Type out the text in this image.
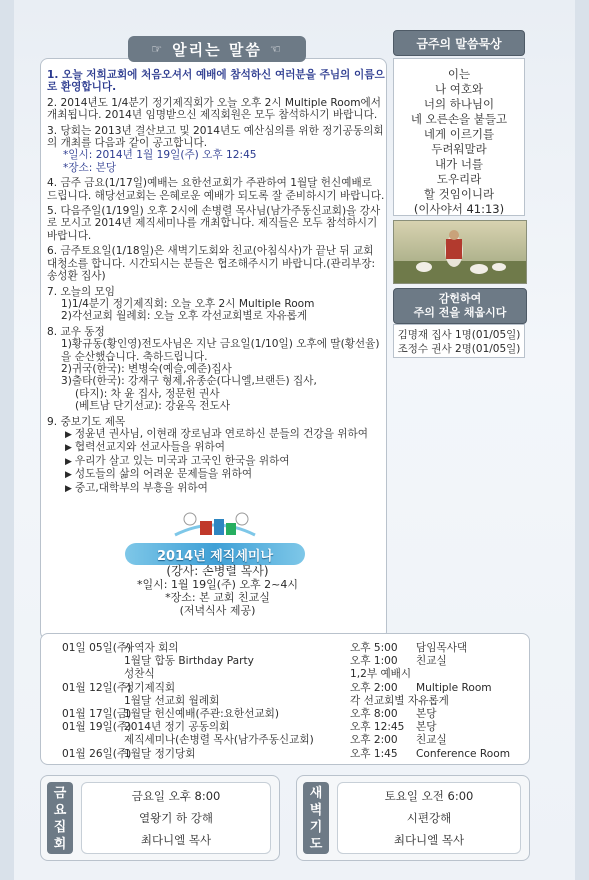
☞ 알리는 말씀 ☜
1. 오늘 저희교회에 처음오셔서 예배에 참석하신 여러분을 주님의 이름으로 환영합니다.
2. 2014년도 1/4분기 정기제직회가 오늘 오후 2시 Multiple Room에서 개최됩니다. 2014년 임명받으신 제직회원은 모두 참석하시기 바랍니다.
3. 당회는 2013년 결산보고 및 2014년도 예산심의를 위한 정기공동의회의 개최를 다음과 같이 공고합니다.
*일시: 2014년 1월 19일(주) 오후 12:45
*장소: 본당
4. 금주 금요(1/17일)예배는 요한선교회가 주관하여 1월달 헌신예배로 드립니다. 해당선교회는 은혜로운 예배가 되도록 잘 준비하시기 바랍니다.
5. 다음주일(1/19일) 오후 2시에 손병렬 목사님(남가주동신교회)을 강사로 모시고 2014년 제직세미나를 개최합니다. 제직들은 모두 참석하시기 바랍니다.
6. 금주토요일(1/18일)은 새벽기도회와 친교(아침식사)가 끝난 뒤 교회 대청소를 합니다. 시간되시는 분들은 협조해주시기 바랍니다.(관리부장:송성환 집사)
7. 오늘의 모임
1)1/4분기 정기제직회: 오늘 오후 2시 Multiple Room
2)각선교회 월례회: 오늘 오후 각선교회별로 자유롭게
8. 교우 동정
1)황규동(황인영)전도사님은 지난 금요일(1/10일) 오후에 딸(황선율)을 순산했습니다. 축하드립니다.
2)귀국(한국): 변병숙(예슬,예준)집사
3)출타(한국): 강재구 형제,유종순(다니엘,브랜든) 집사,
(타지): 차 윤 집사, 정문헌 권사
(베트남 단기선교): 강윤옥 전도사
9. 중보기도 제목
▶ 정윤년 권사님, 이현래 장로님과 연로하신 분들의 건강을 위하여
▶ 협력선교지와 선교사들을 위하여
▶ 우리가 살고 있는 미국과 고국인 한국을 위하여
▶ 성도들의 삶의 어려운 문제들을 위하여
▶ 중고,대학부의 부흥을 위하여
2014년 제직세미나
(강사: 손병렬 목사)
*일시: 1월 19일(주) 오후 2~4시
*장소: 본 교회 친교실
(저녁식사 제공)
금주의 말씀묵상
이는
나 여호와
너의 하나님이
네 오른손을 붙들고
네게 이르기를
두려워말라
내가 너를
도우리라
할 것임이니라
(이사야서 41:13)
감헌하여
주의 전을 채웁시다
김명재 집사 1명(01/05일)
조정수 권사 2명(01/05일)
01일 05일(주)
사역자 회의	오후 5:00 담임목사댁
1월달 합동 Birthday Party	오후 1:00 친교실
성찬식	1,2부 예배시
01월 12일(주)
정기제직회	오후 2:00 Multiple Room
1월달 선교회 월례회	각 선교회별 자유롭게
01월 17일(금)
1월달 헌신예배(주관:요한선교회)	오후 8:00 본당
01월 19일(주)
2014년 정기 공동의회	오후 12:45 본당
제직세미나(손병렬 목사(남가주동신교회)	오후 2:00 친교실
01월 26일(주)
1월달 정기당회	오후 1:45 Conference Room
금
요
집
회
금요일 오후 8:00
열왕기 하 강해
최다니엘 목사
새
벽
기
도
토요일 오전 6:00
시편강해
최다니엘 목사
